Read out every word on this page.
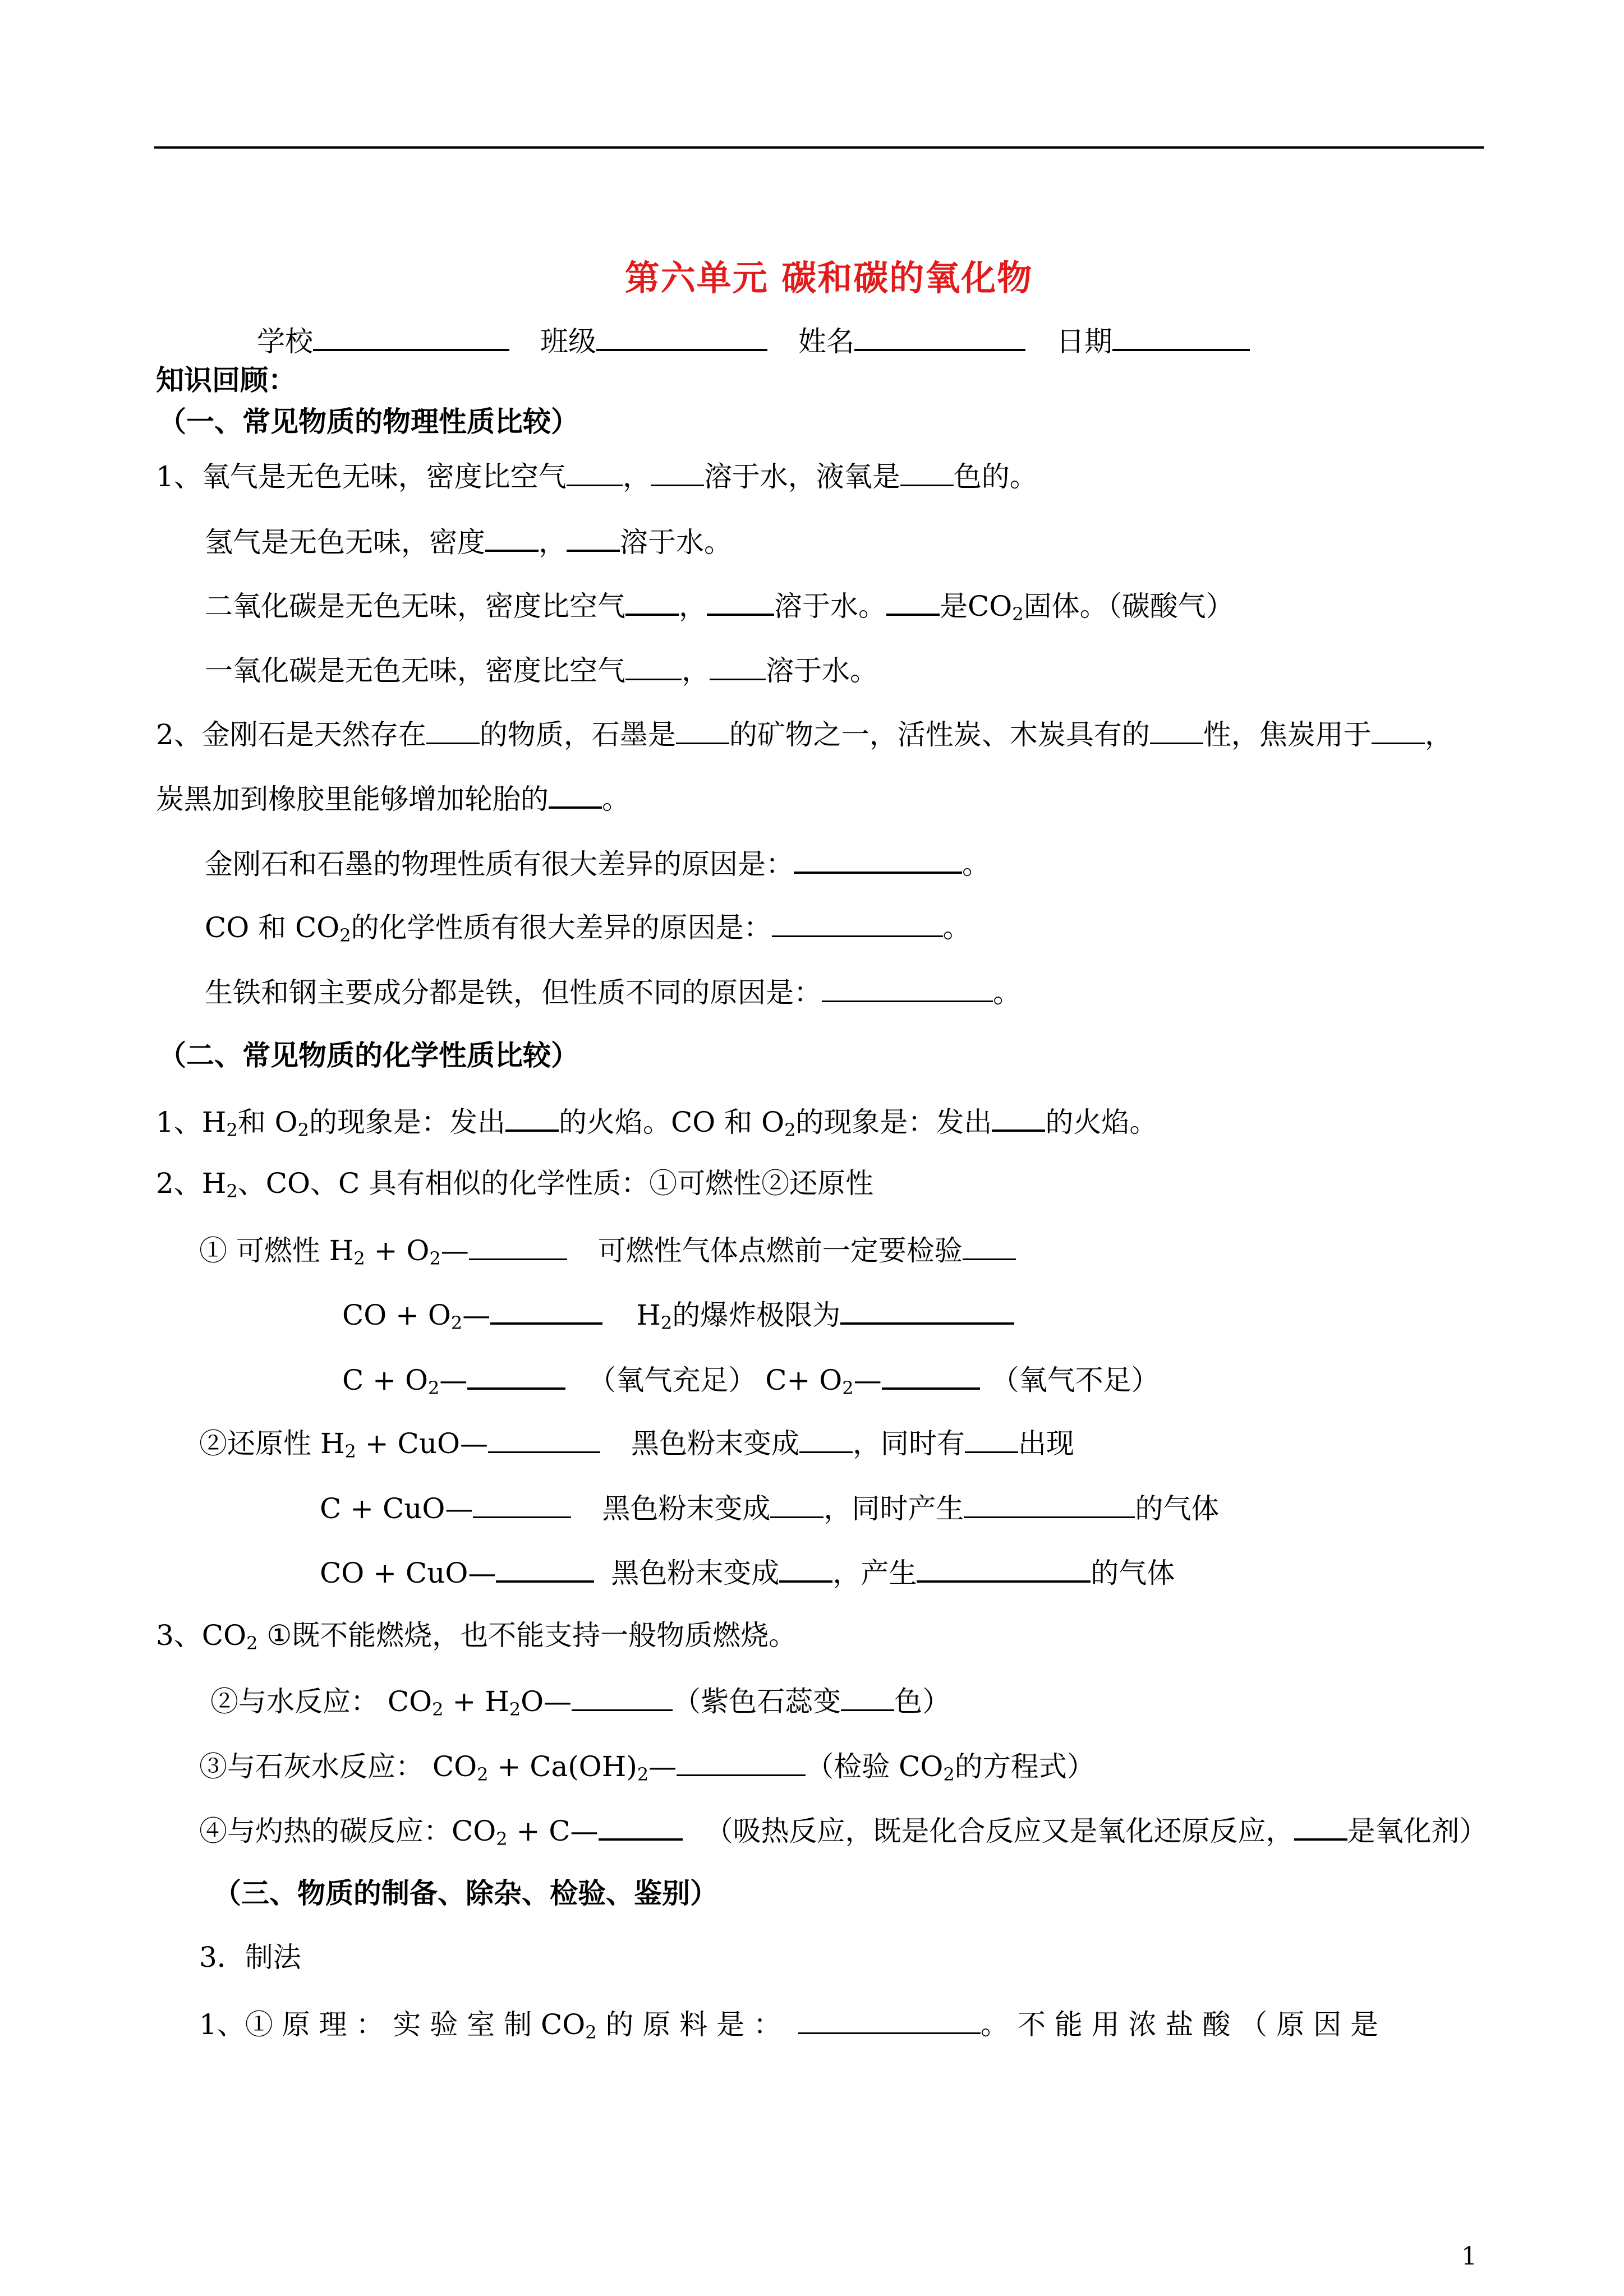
第六单元 碳和碳的氧化物
学校	班级	姓名	日期
知识回顾：
（一、常见物质的物理性质比较）
1、氧气是无色无味，密度比空气 ， 溶于水，液氧是 色的。
氢气是无色无味，密度 ， 溶于水。
二氧化碳是无色无味，密度比空气 ， 溶于水。 是$CO_2$固体。（碳酸气）
一氧化碳是无色无味，密度比空气 ， 溶于水。
2、金刚石是天然存在 的物质，石墨是 的矿物之一，活性炭、木炭具有的 性，焦炭用于 ，
炭黑加到橡胶里能够增加轮胎的 。
金刚石和石墨的物理性质有很大差异的原因是：	。
CO 和 $CO_2$的化学性质有很大差异的原因是：	。
生铁和钢主要成分都是铁，但性质不同的原因是：	。
（二、常见物质的化学性质比较）
1、$H_2$和 $O_2$的现象是：发出 的火焰。CO 和 $O_2$的现象是：发出 的火焰。
2、$H_2$、CO、C 具有相似的化学性质：①可燃性②还原性
① 可燃性 $H_2$ + $O_2—$	可燃性气体点燃前一定要检验
CO + $O_2—$	$H_2$的爆炸极限为
$C + O_2—$	（氧气充足） $C+ O_2—$	（氧气不足）
②还原性 $H_2$ + CuO—	黑色粉末变成 ，同时有 出现
C + CuO—	黑色粉末变成 ，同时产生	的气体
CO + CuO—	黑色粉末变成 ，产生	的气体
3、$CO_2$ ①既不能燃烧，也不能支持一般物质燃烧。
②与水反应： $CO_2$ + $H_2O—$	（紫色石蕊变 色）
③与石灰水反应： $CO_2$ + $Ca(OH)_2—$	（检验 $CO_2$的方程式）
④与灼热的碳反应：$CO_2$ + C—	（吸热反应，既是化合反应又是氧化还原反应， 是氧化剂）
（三、物质的制备、除杂、检验、鉴别）
3．制法
1、① 原 理 ： 实 验 室 制 $CO_2$ 的 原 料 是 ：	。 不 能 用 浓 盐 酸 （ 原 因 是
1
